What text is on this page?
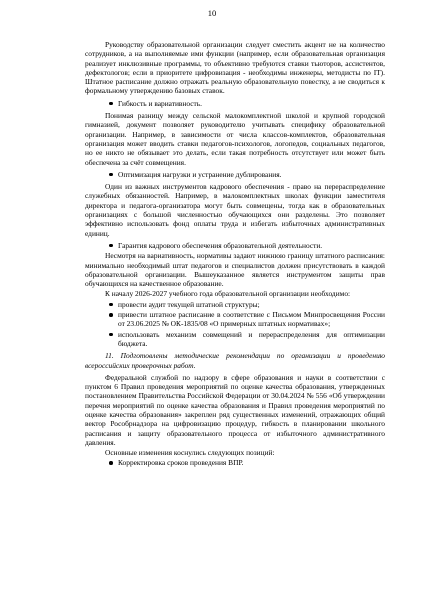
10

Руководству образовательной организации следует сместить акцент не на количество сотрудников, а на выполняемые ими функции (например, если образовательная организация реализует инклюзивные программы, то объективно требуются ставки тьюторов, ассистентов, дефектологов; если в приоритете цифровизация - необходимы инженеры, методисты по IT). Штатное расписание должно отражать реальную образовательную повестку, а не сводиться к формальному утверждению базовых ставок.

Гибкость и вариативность.

Понимая разницу между сельской малокомплектной школой и крупной городской гимназией, документ позволяет руководителю учитывать специфику образовательной организации. Например, в зависимости от числа классов-комплектов, образовательная организация может вводить ставки педагогов-психологов, логопедов, социальных педагогов, но ее никто не обязывает это делать, если такая потребность отсутствует или может быть обеспечена за счёт совмещения.

Оптимизация нагрузки и устранение дублирования.

Один из важных инструментов кадрового обеспечения - право на перераспределение служебных обязанностей. Например, в малокомплектных школах функции заместителя директора и педагога-организатора могут быть совмещены, тогда как в образовательных организациях с большой численностью обучающихся они разделены. Это позволяет эффективно использовать фонд оплаты труда и избегать избыточных административных единиц.

Гарантия кадрового обеспечения образовательной деятельности.

Несмотря на вариативность, нормативы задают нижнюю границу штатного расписания: минимально необходимый штат педагогов и специалистов должен присутствовать в каждой образовательной организации. Вышеуказанное является инструментом защиты прав обучающихся на качественное образование.

К началу 2026-2027 учебного года образовательной организации необходимо:

провести аудит текущей штатной структуры;
привести штатное расписание в соответствие с Письмом Минпросвещения России от 23.06.2025 № ОК-1835/08 «О примерных штатных нормативах»;
использовать механизм совмещений и перераспределения для оптимизации бюджета.

11. Подготовлены методические рекомендации по организации и проведению всероссийских проверочных работ.

Федеральной службой по надзору в сфере образования и науки в соответствии с пунктом 6 Правил проведения мероприятий по оценке качества образования, утвержденных постановлением Правительства Российской Федерации от 30.04.2024 № 556 «Об утверждении перечня мероприятий по оценке качества образования и Правил проведения мероприятий по оценке качества образования» закреплен ряд существенных изменений, отражающих общий вектор Рособрнадзора на цифровизацию процедур, гибкость в планировании школьного расписания и защиту образовательного процесса от избыточного административного давления.

Основные изменения коснулись следующих позиций:

Корректировка сроков проведения ВПР.
